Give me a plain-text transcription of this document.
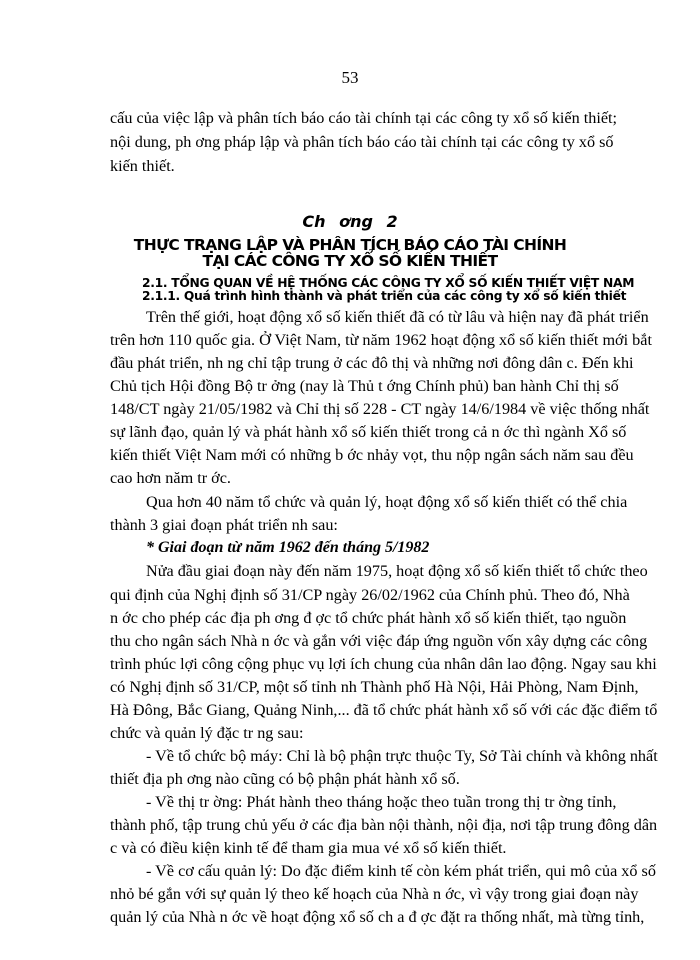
53
cấu của việc lập và phân tích báo cáo tài chính tại các công ty xổ số kiến thiết;
nội dung, ph ơng pháp lập và phân tích báo cáo tài chính tại các công ty xổ số
kiến thiết.
Ch ơng 2
THỰC TRẠNG LẬP VÀ PHÂN TÍCH BÁO CÁO TÀI CHÍNH
TẠI CÁC CÔNG TY XỔ SỐ KIẾN THIẾT
2.1. TỔNG QUAN VỀ HỆ THỐNG CÁC CÔNG TY XỔ SỐ KIẾN THIẾT VIỆT NAM
2.1.1. Quá trình hình thành và phát triển của các công ty xổ số kiến thiết
Trên thế giới, hoạt động xổ số kiến thiết đã có từ lâu và hiện nay đã phát triển
trên hơn 110 quốc gia. Ở Việt Nam, từ năm 1962 hoạt động xổ số kiến thiết mới bắt
đầu phát triển, nh ng chỉ tập trung ở các đô thị và những nơi đông dân c. Đến khi
Chủ tịch Hội đồng Bộ tr ởng (nay là Thủ t ớng Chính phủ) ban hành Chỉ thị số
148/CT ngày 21/05/1982 và Chỉ thị số 228 - CT ngày 14/6/1984 về việc thống nhất
sự lãnh đạo, quản lý và phát hành xổ số kiến thiết trong cả n ớc thì ngành Xổ số
kiến thiết Việt Nam mới có những b ớc nhảy vọt, thu nộp ngân sách năm sau đều
cao hơn năm tr ớc.
Qua hơn 40 năm tổ chức và quản lý, hoạt động xổ số kiến thiết có thể chia
thành 3 giai đoạn phát triển nh sau:
* Giai đoạn từ năm 1962 đến tháng 5/1982
Nửa đầu giai đoạn này đến năm 1975, hoạt động xổ số kiến thiết tổ chức theo
qui định của Nghị định số 31/CP ngày 26/02/1962 của Chính phủ. Theo đó, Nhà
n ớc cho phép các địa ph ơng đ ợc tổ chức phát hành xổ số kiến thiết, tạo nguồn
thu cho ngân sách Nhà n ớc và gắn với việc đáp ứng nguồn vốn xây dựng các công
trình phúc lợi công cộng phục vụ lợi ích chung của nhân dân lao động. Ngay sau khi
có Nghị định số 31/CP, một số tỉnh nh Thành phố Hà Nội, Hải Phòng, Nam Định,
Hà Đông, Bắc Giang, Quảng Ninh,... đã tổ chức phát hành xổ số với các đặc điểm tổ
chức và quản lý đặc tr ng sau:
- Về tổ chức bộ máy: Chỉ là bộ phận trực thuộc Ty, Sở Tài chính và không nhất
thiết địa ph ơng nào cũng có bộ phận phát hành xổ số.
- Về thị tr ờng: Phát hành theo tháng hoặc theo tuần trong thị tr ờng tỉnh,
thành phố, tập trung chủ yếu ở các địa bàn nội thành, nội địa, nơi tập trung đông dân
c và có điều kiện kinh tế để tham gia mua vé xổ số kiến thiết.
- Về cơ cấu quản lý: Do đặc điểm kinh tế còn kém phát triển, qui mô của xổ số
nhỏ bé gắn với sự quản lý theo kế hoạch của Nhà n ớc, vì vậy trong giai đoạn này
quản lý của Nhà n ớc về hoạt động xổ số ch a đ ợc đặt ra thống nhất, mà từng tỉnh,
